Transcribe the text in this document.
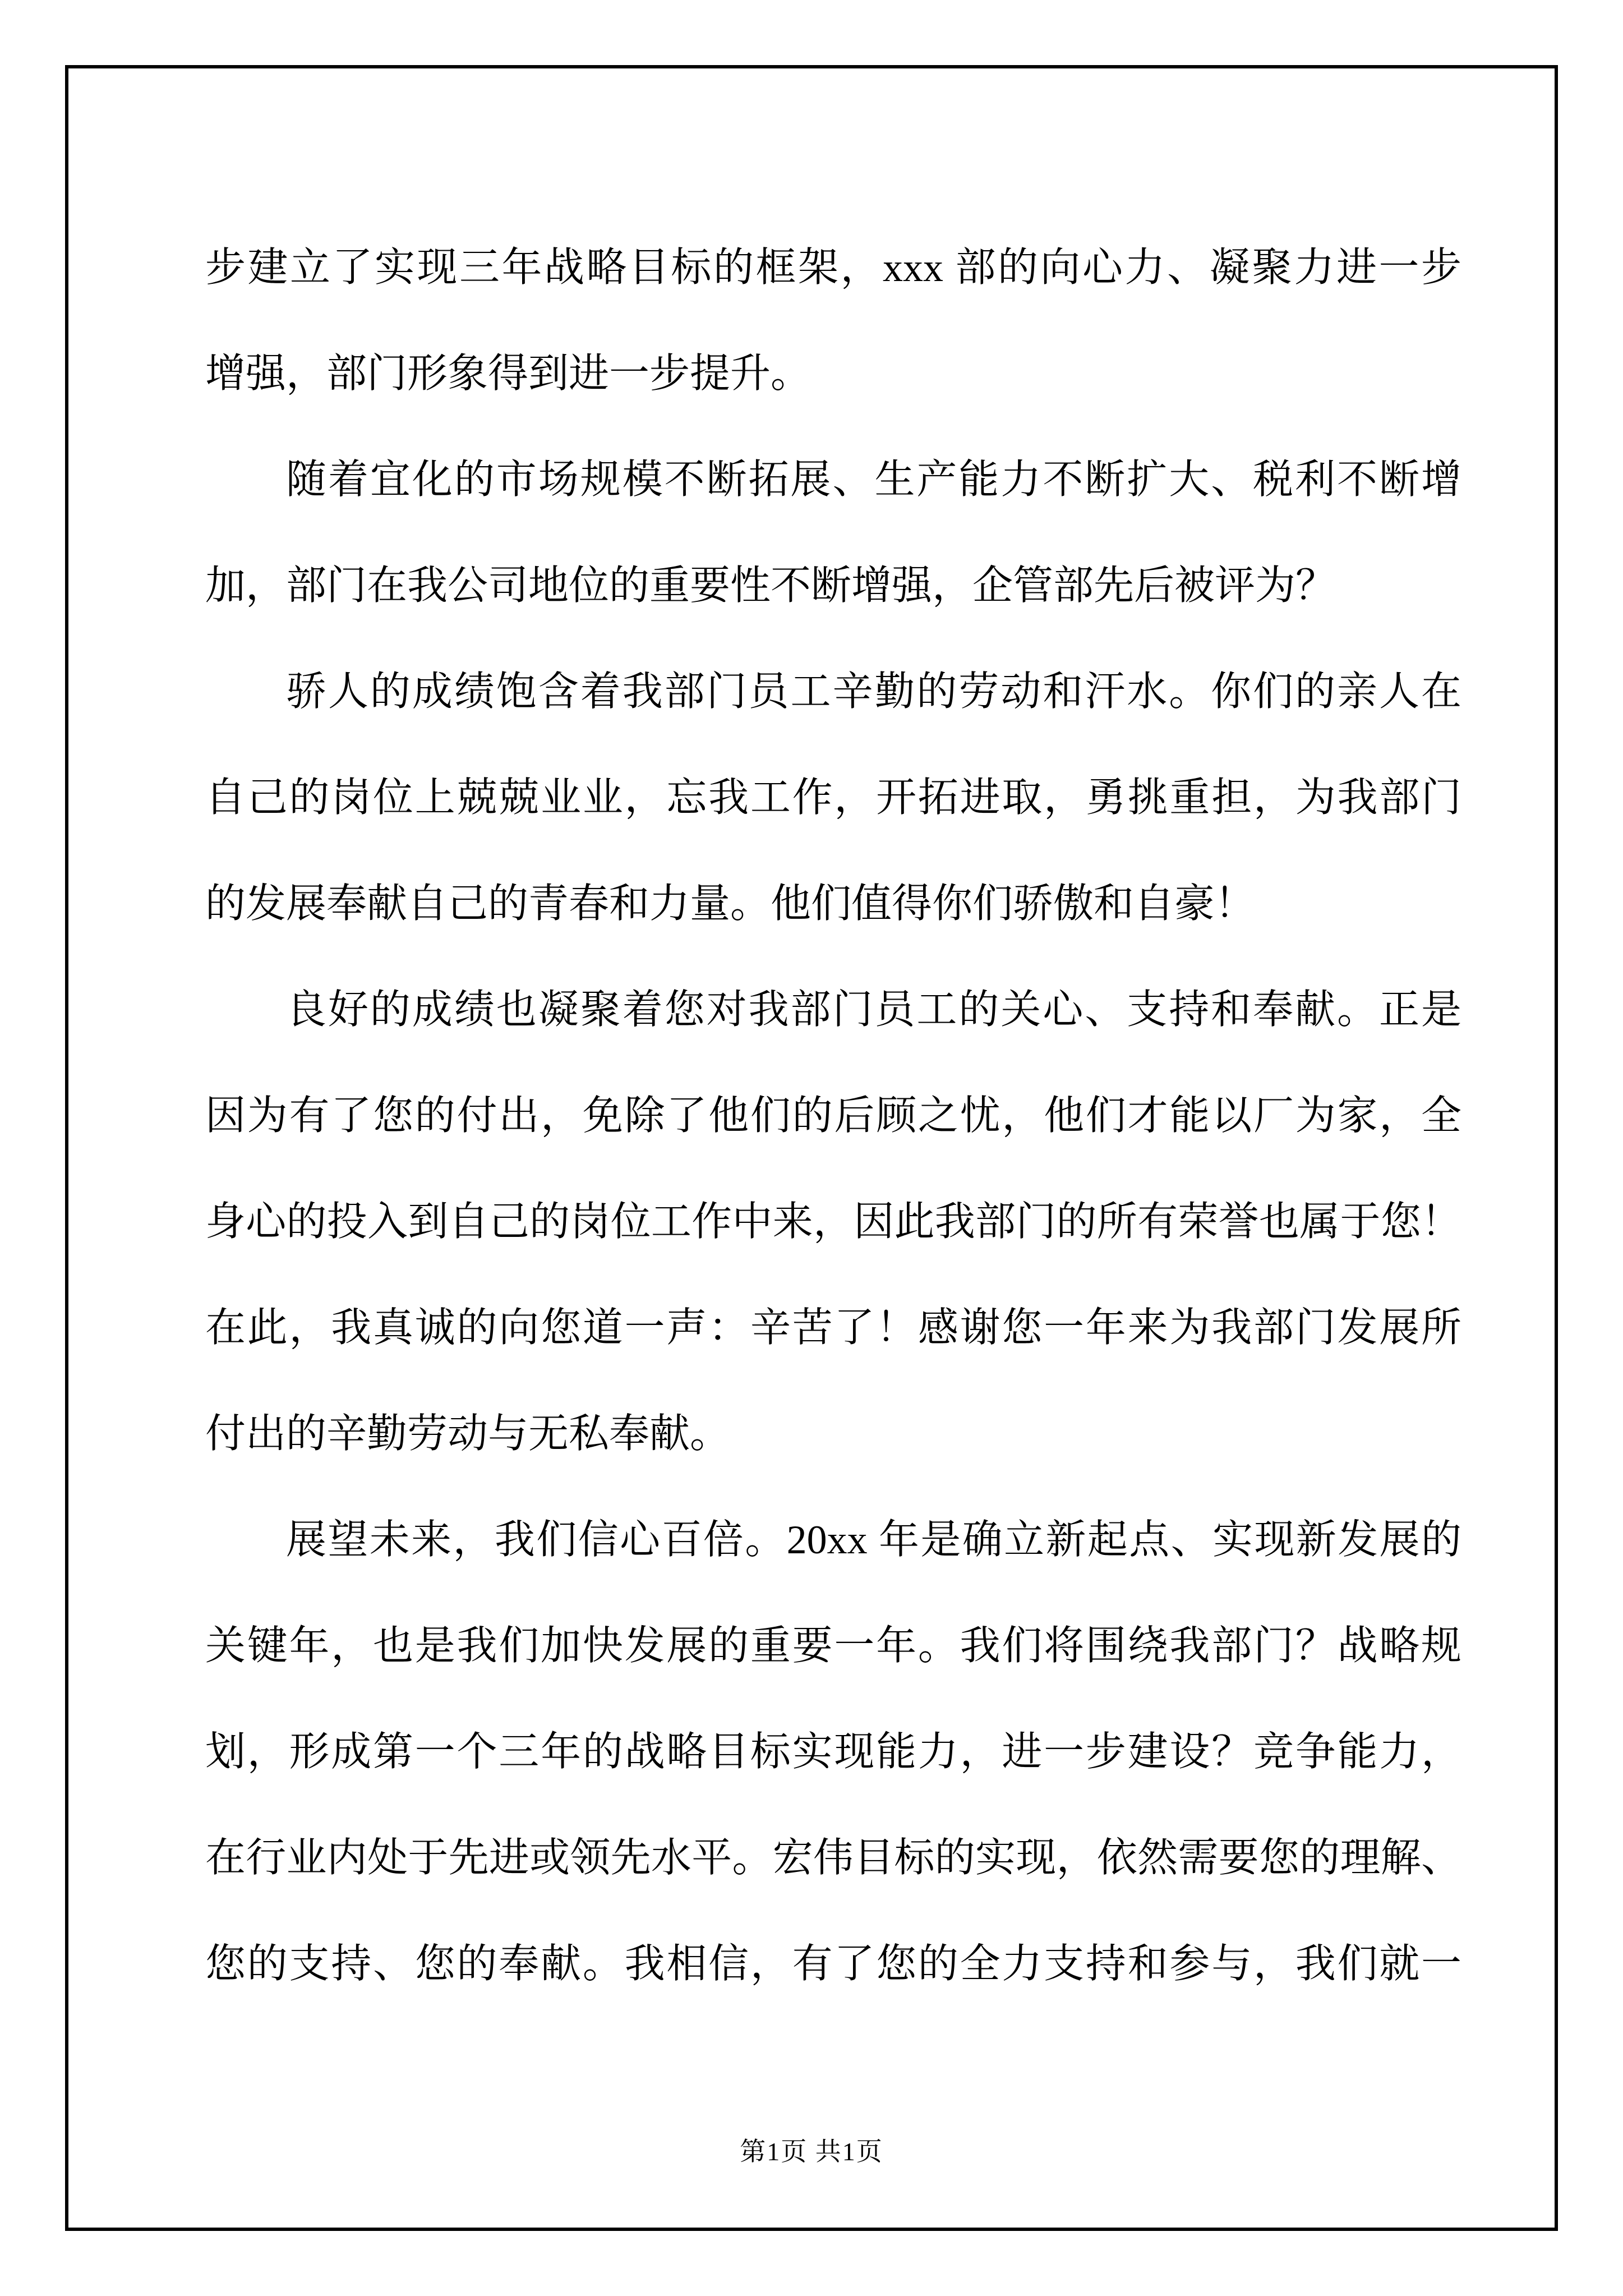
步建立了实现三年战略目标的框架，xxx 部的向心力、凝聚力进一步
增强，部门形象得到进一步提升。
随着宜化的市场规模不断拓展、生产能力不断扩大、税利不断增
加，部门在我公司地位的重要性不断增强，企管部先后被评为？
骄人的成绩饱含着我部门员工辛勤的劳动和汗水。你们的亲人在
自己的岗位上兢兢业业，忘我工作，开拓进取，勇挑重担，为我部门
的发展奉献自己的青春和力量。他们值得你们骄傲和自豪！
良好的成绩也凝聚着您对我部门员工的关心、支持和奉献。正是
因为有了您的付出，免除了他们的后顾之忧，他们才能以厂为家，全
身心的投入到自己的岗位工作中来，因此我部门的所有荣誉也属于您！
在此，我真诚的向您道一声：辛苦了！感谢您一年来为我部门发展所
付出的辛勤劳动与无私奉献。
展望未来，我们信心百倍。20xx 年是确立新起点、实现新发展的
关键年，也是我们加快发展的重要一年。我们将围绕我部门？战略规
划，形成第一个三年的战略目标实现能力，进一步建设？竞争能力，
在行业内处于先进或领先水平。宏伟目标的实现，依然需要您的理解、
您的支持、您的奉献。我相信，有了您的全力支持和参与，我们就一
第1页 共1页
